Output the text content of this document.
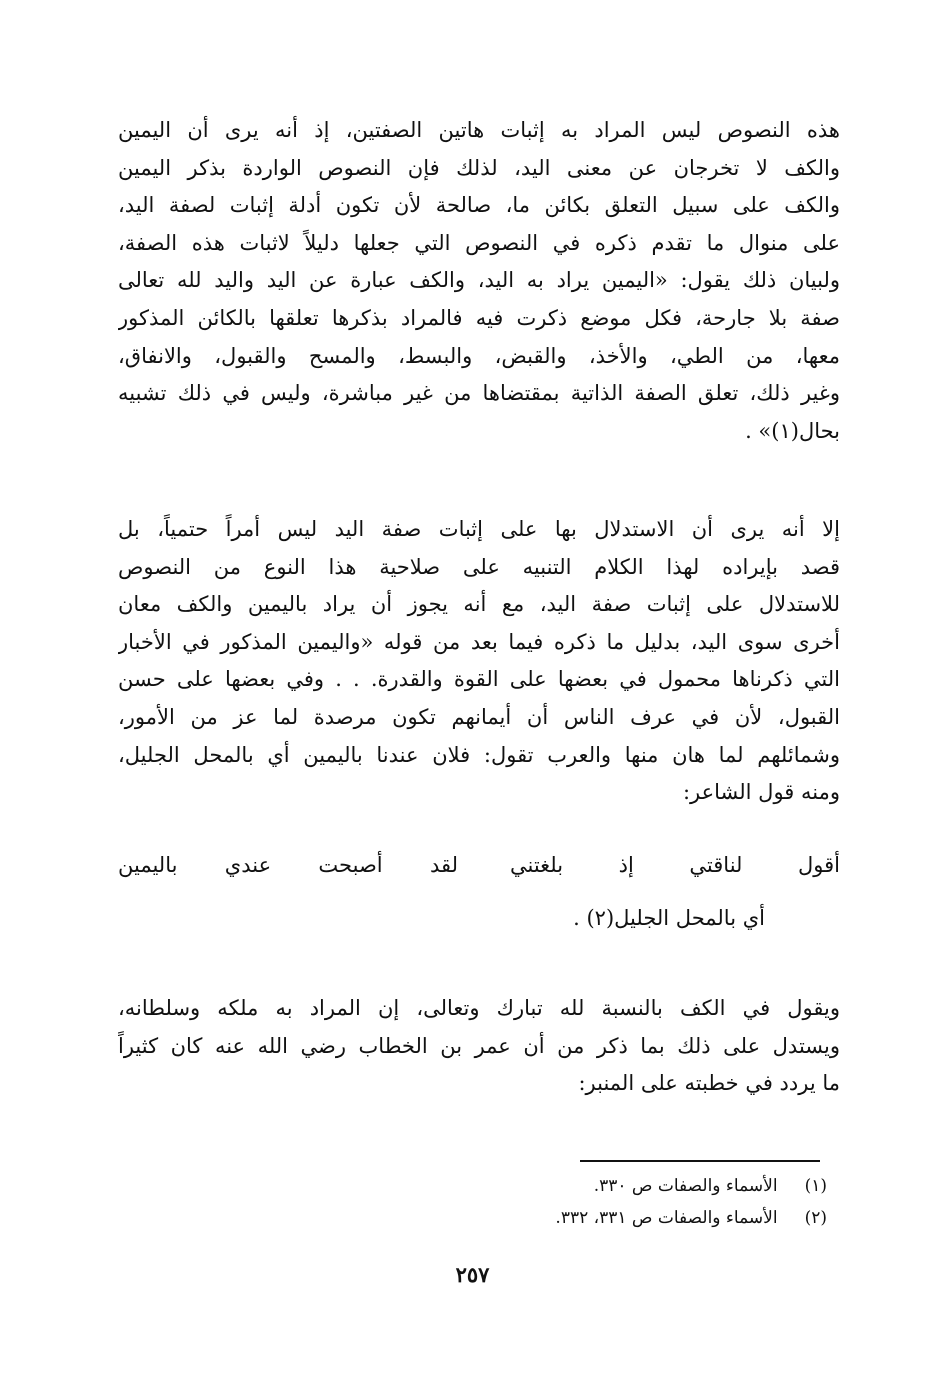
هذه النصوص ليس المراد به إثبات هاتين الصفتين، إذ أنه يرى أن اليمين
والكف لا تخرجان عن معنى اليد، لذلك فإن النصوص الواردة بذكر اليمين
والكف على سبيل التعلق بكائن ما، صالحة لأن تكون أدلة إثبات لصفة اليد،
على منوال ما تقدم ذكره في النصوص التي جعلها دليلاً لاثبات هذه الصفة،
ولبيان ذلك يقول: «اليمين يراد به اليد، والكف عبارة عن اليد واليد لله تعالى
صفة بلا جارحة، فكل موضع ذكرت فيه فالمراد بذكرها تعلقها بالكائن المذكور
معها، من الطي، والأخذ، والقبض، والبسط، والمسح والقبول، والانفاق،
وغير ذلك، تعلق الصفة الذاتية بمقتضاها من غير مباشرة، وليس في ذلك تشبيه
بحال(١)» .
إلا أنه يرى أن الاستدلال بها على إثبات صفة اليد ليس أمراً حتمياً، بل
قصد بإيراده لهذا الكلام التنبيه على صلاحية هذا النوع من النصوص
للاستدلال على إثبات صفة اليد، مع أنه يجوز أن يراد باليمين والكف معان
أخرى سوى اليد، بدليل ما ذكره فيما بعد من قوله «واليمين المذكور في الأخبار
التي ذكرناها محمول في بعضها على القوة والقدرة. . . وفي بعضها على حسن
القبول، لأن في عرف الناس أن أيمانهم تكون مرصدة لما عز من الأمور،
وشمائلهم لما هان منها والعرب تقول: فلان عندنا باليمين أي بالمحل الجليل،
ومنه قول الشاعر:
أقول لناقتي إذ بلغتني
لقد أصبحت عندي باليمين
أي بالمحل الجليل(٢) .
ويقول في الكف بالنسبة لله تبارك وتعالى، إن المراد به ملكه وسلطانه،
ويستدل على ذلك بما ذكر من أن عمر بن الخطاب رضي الله عنه كان كثيراً
ما يردد في خطبته على المنبر:
(١) الأسماء والصفات ص ٣٣٠.
(٢) الأسماء والصفات ص ٣٣١، ٣٣٢.
٢٥٧
